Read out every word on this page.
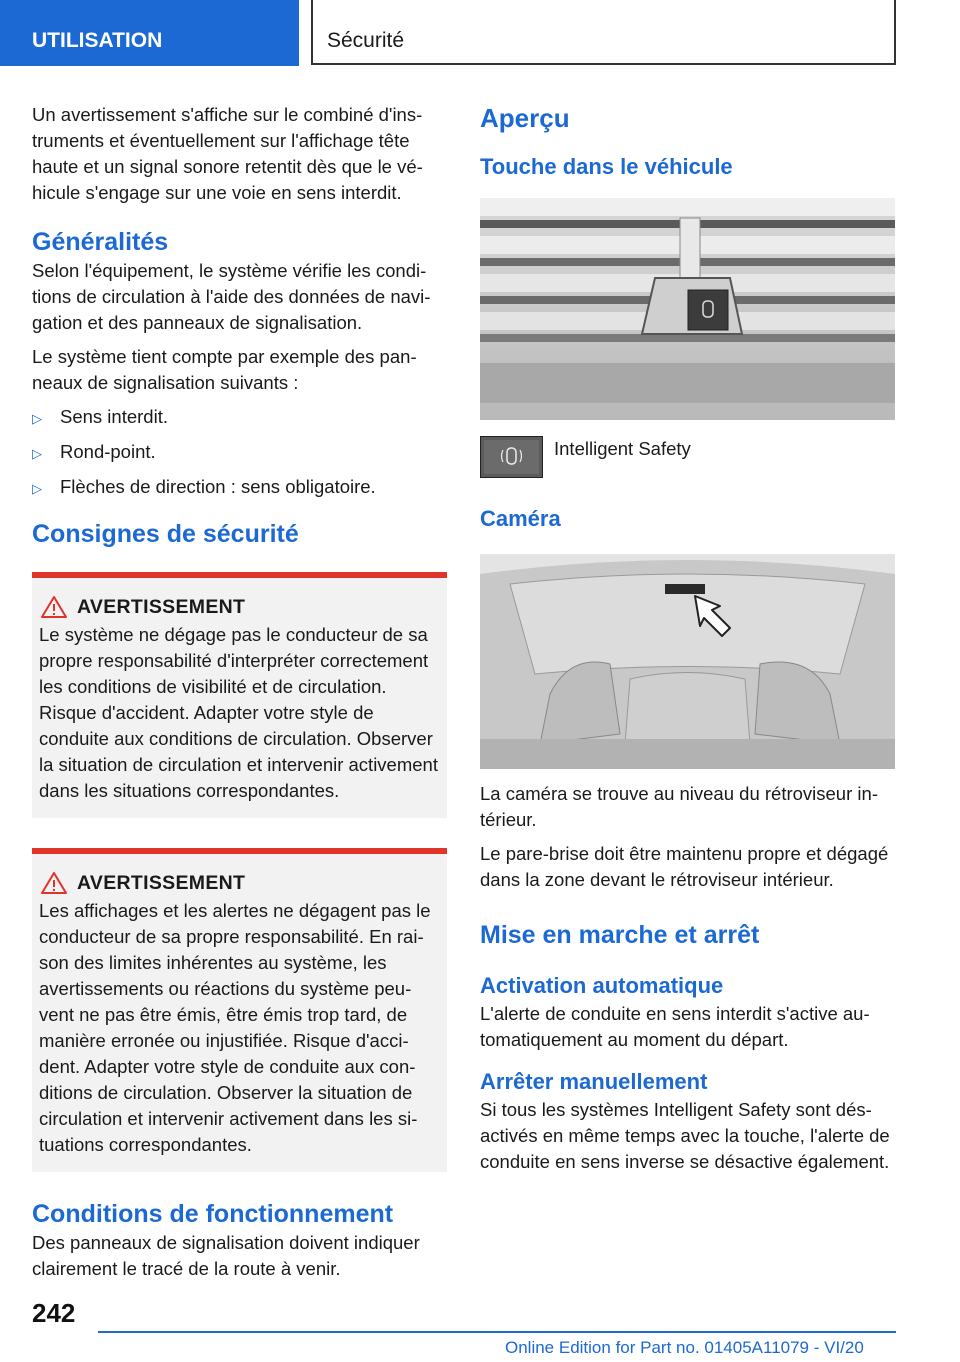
UTILISATION	Sécurité

Un avertissement s'affiche sur le combiné d'instruments et éventuellement sur l'affichage tête haute et un signal sonore retentit dès que le véhicule s'engage sur une voie en sens interdit.

Généralités

Selon l'équipement, le système vérifie les conditions de circulation à l'aide des données de navigation et des panneaux de signalisation.

Le système tient compte par exemple des panneaux de signalisation suivants :

▷ Sens interdit.
▷ Rond-point.
▷ Flèches de direction : sens obligatoire.
Consignes de sécurité
AVERTISSEMENT

Le système ne dégage pas le conducteur de sa propre responsabilité d'interpréter correctement les conditions de visibilité et de circulation. Risque d'accident. Adapter votre style de conduite aux conditions de circulation. Observer la situation de circulation et intervenir activement dans les situations correspondantes.

AVERTISSEMENT

Les affichages et les alertes ne dégagent pas le conducteur de sa propre responsabilité. En raison des limites inhérentes au système, les avertissements ou réactions du système peuvent ne pas être émis, être émis trop tard, de manière erronée ou injustifiée. Risque d'accident. Adapter votre style de conduite aux conditions de circulation. Observer la situation de circulation et intervenir activement dans les situations correspondantes.

Conditions de fonctionnement

Des panneaux de signalisation doivent indiquer clairement le tracé de la route à venir.

Aperçu
Touche dans le véhicule
Intelligent Safety
Caméra

La caméra se trouve au niveau du rétroviseur intérieur.

Le pare-brise doit être maintenu propre et dégagé dans la zone devant le rétroviseur intérieur.

Mise en marche et arrêt
Activation automatique

L'alerte de conduite en sens interdit s'active automatiquement au moment du départ.

Arrêter manuellement

Si tous les systèmes Intelligent Safety sont désactivés en même temps avec la touche, l'alerte de conduite en sens inverse se désactive également.

242
Online Edition for Part no. 01405A11079 - VI/20
